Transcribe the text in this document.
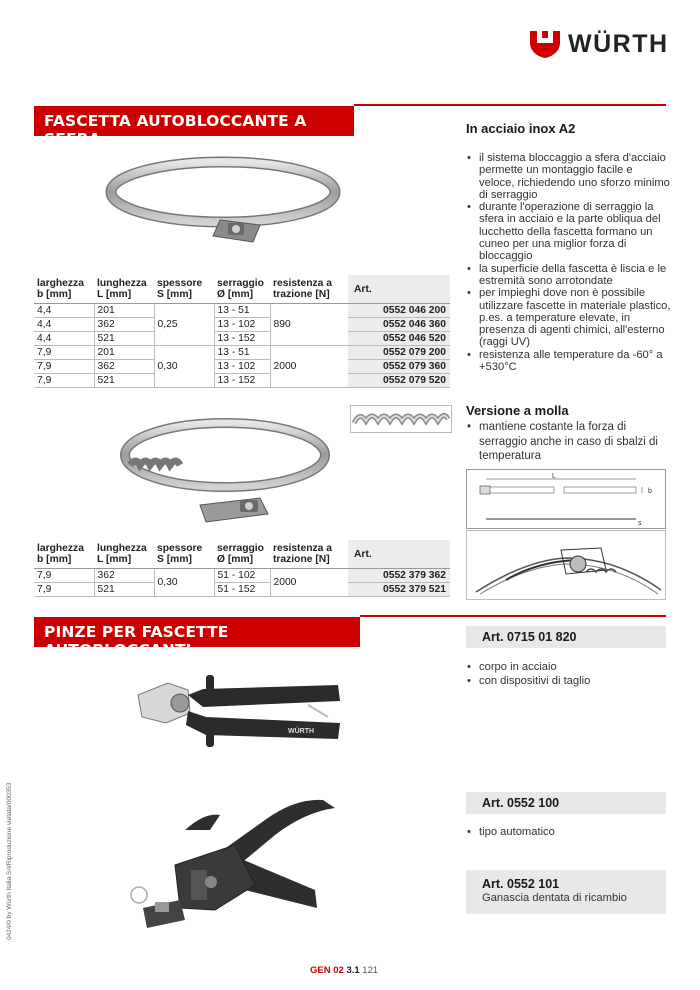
WÜRTH
FASCETTA AUTOBLOCCANTE A SFERA
In acciaio inox A2
• il sistema bloccaggio a sfera d'acciaio permette un montaggio facile e veloce, richiedendo uno sforzo minimo di serraggio
• durante l'operazione di serraggio la sfera in acciaio e la parte obliqua del lucchetto della fascetta formano un cuneo per una miglior forza di bloccaggio
• la superficie della fascetta è liscia e le estremità sono arrotondate
• per impieghi dove non è possibile utilizzare fascette in materiale plastico, p.es. a temperature elevate, in presenza di agenti chimici, all'esterno (raggi UV)
• resistenza alle temperature da -60° a +530°C
larghezza b [mm]	lunghezza L [mm]	spessore S [mm]	serraggio Ø [mm]	resistenza a trazione [N]	Art.
4,4	201	0,25	13 - 51	890	0552 046 200
4,4	362		13 - 102		0552 046 360
4,4	521		13 - 152		0552 046 520
7,9	201	0,30	13 - 51	2000	0552 079 200
7,9	362		13 - 102		0552 079 360
7,9	521		13 - 152		0552 079 520
Versione a molla
• mantiene costante la forza di serraggio anche in caso di sbalzi di temperatura
L
b
s
larghezza b [mm]	lunghezza L [mm]	spessore S [mm]	serraggio Ø [mm]	resistenza a trazione [N]	Art.
7,9	362	0,30	51 - 102	2000	0552 379 362
7,9	521		51 - 152		0552 379 521
PINZE PER FASCETTE AUTOBLOCCANTI
Art. 0715 01 820
• corpo in acciaio
• con dispositivi di taglio
WÜRTH
Art. 0552 100
• tipo automatico
Art. 0552 101
Ganascia dentata di ricambio
GEN 02 3.1 121
0424/0 by Würth Italia Srl/Riproduzione vietata/000353
